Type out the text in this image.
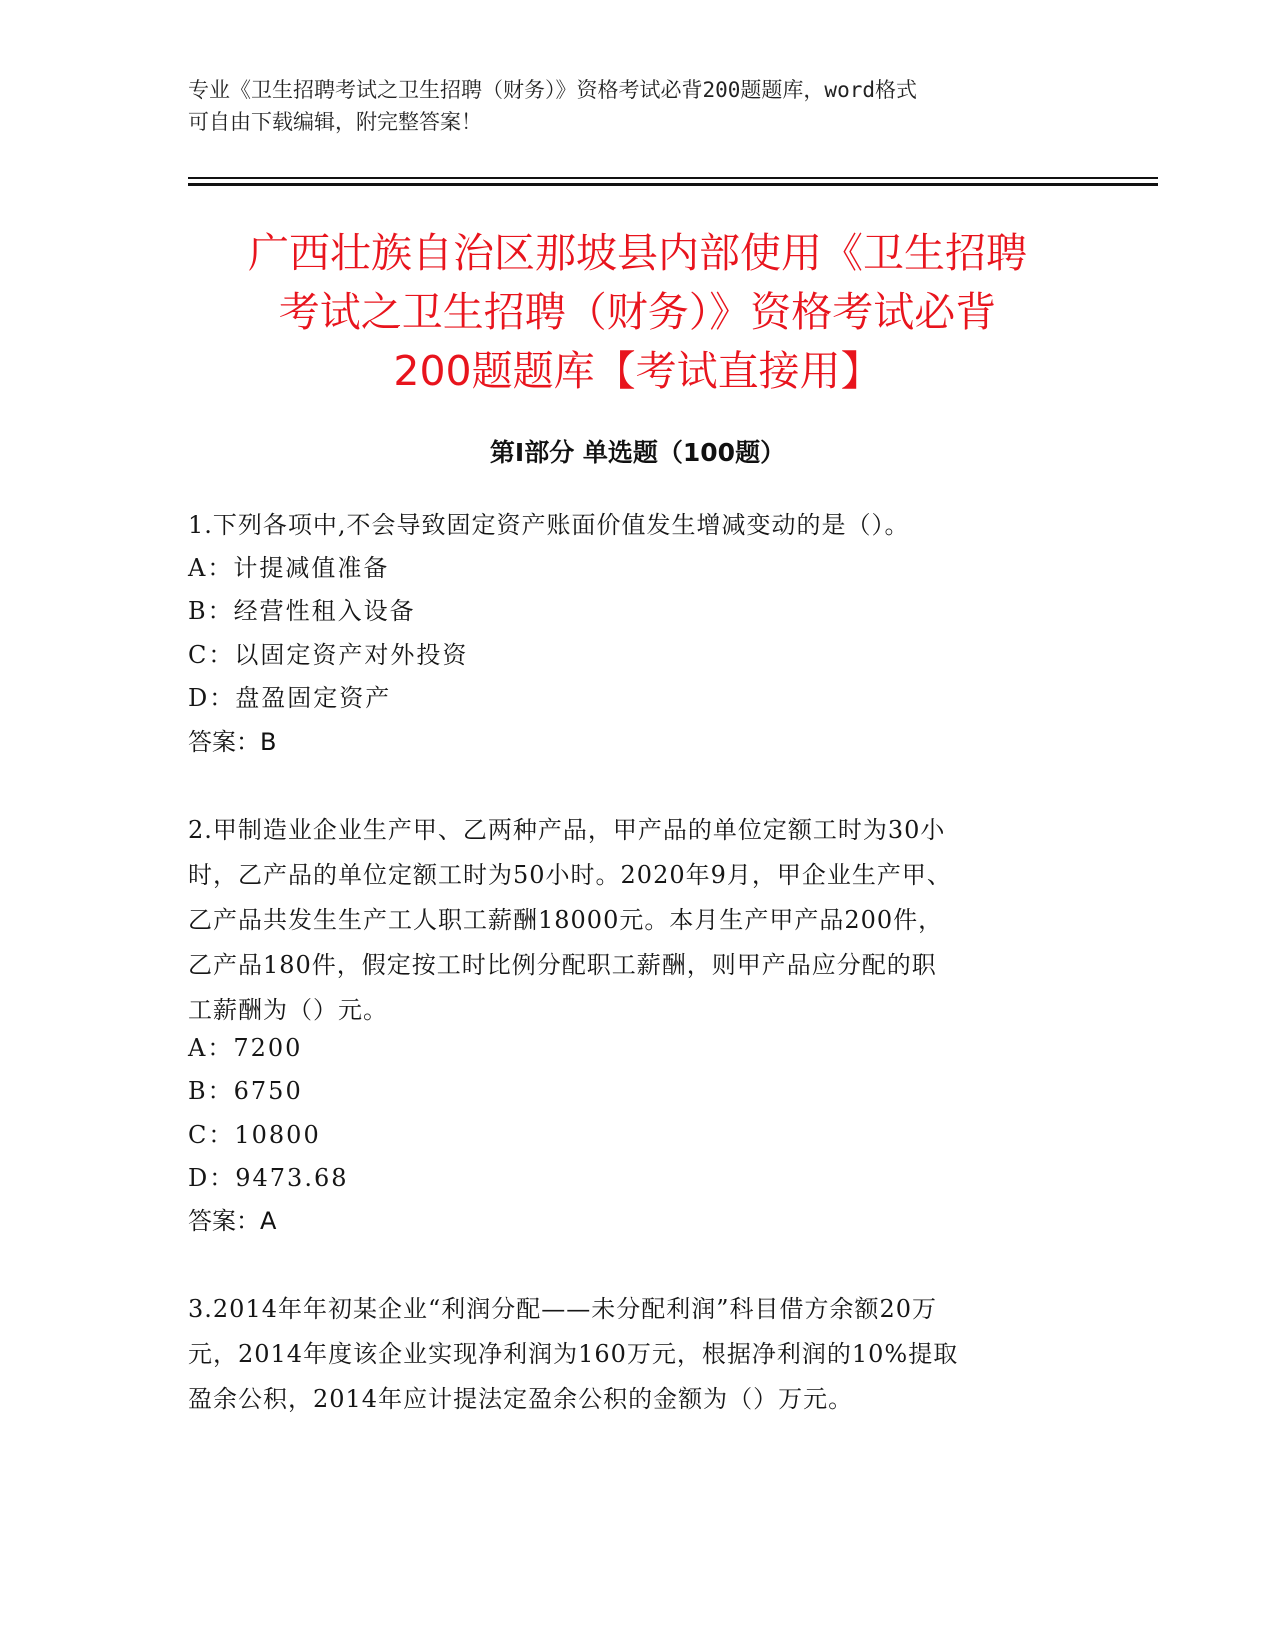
专业《卫生招聘考试之卫生招聘（财务）》资格考试必背200题题库，word格式
可自由下载编辑，附完整答案！
广西壮族自治区那坡县内部使用《卫生招聘
考试之卫生招聘（财务）》资格考试必背
200题题库【考试直接用】
第Ⅰ部分 单选题（100题）
1.下列各项中,不会导致固定资产账面价值发生增减变动的是（）。
A：计提减值准备
B：经营性租入设备
C：以固定资产对外投资
D：盘盈固定资产
答案：B
2.甲制造业企业生产甲、乙两种产品，甲产品的单位定额工时为30小
时，乙产品的单位定额工时为50小时。2020年9月，甲企业生产甲、
乙产品共发生生产工人职工薪酬18000元。本月生产甲产品200件，
乙产品180件，假定按工时比例分配职工薪酬，则甲产品应分配的职
工薪酬为（）元。
A：7200
B：6750
C：10800
D：9473.68
答案：A
3.2014年年初某企业“利润分配——未分配利润”科目借方余额20万
元，2014年度该企业实现净利润为160万元，根据净利润的10%提取
盈余公积，2014年应计提法定盈余公积的金额为（）万元。
